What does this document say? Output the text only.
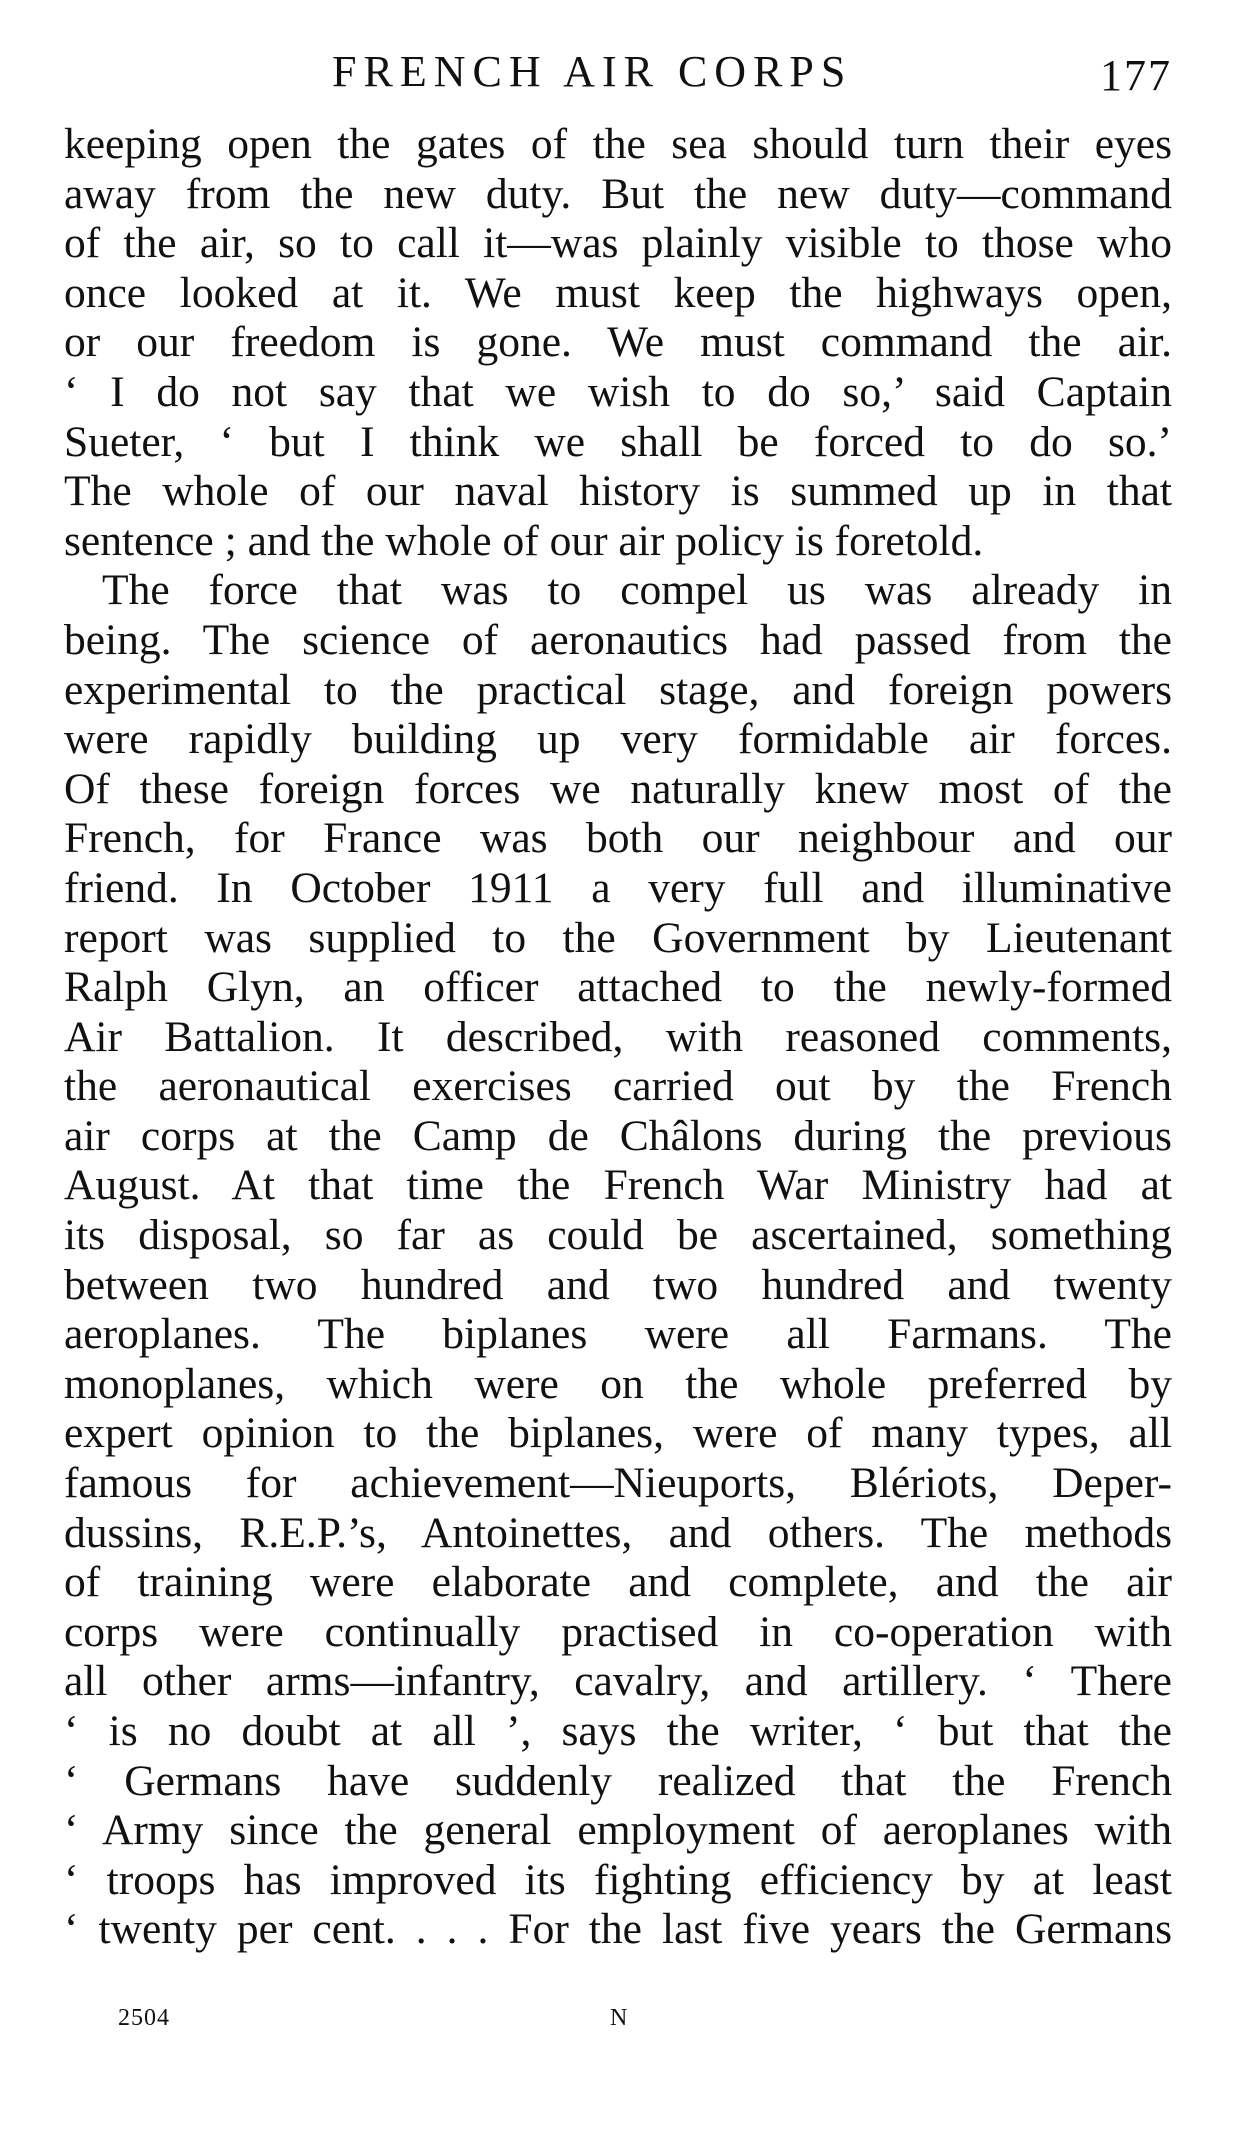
FRENCH AIR CORPS	177
keeping open the gates of the sea should turn their eyes
away from the new duty. But the new duty—command
of the air, so to call it—was plainly visible to those who
once looked at it. We must keep the highways open,
or our freedom is gone. We must command the air.
‘ I do not say that we wish to do so,’ said Captain
Sueter, ‘ but I think we shall be forced to do so.’
The whole of our naval history is summed up in that
sentence ; and the whole of our air policy is foretold.
The force that was to compel us was already in
being. The science of aeronautics had passed from the
experimental to the practical stage, and foreign powers
were rapidly building up very formidable air forces.
Of these foreign forces we naturally knew most of the
French, for France was both our neighbour and our
friend. In October 1911 a very full and illuminative
report was supplied to the Government by Lieutenant
Ralph Glyn, an officer attached to the newly-formed
Air Battalion. It described, with reasoned comments,
the aeronautical exercises carried out by the French
air corps at the Camp de Châlons during the previous
August. At that time the French War Ministry had at
its disposal, so far as could be ascertained, something
between two hundred and two hundred and twenty
aeroplanes. The biplanes were all Farmans. The
monoplanes, which were on the whole preferred by
expert opinion to the biplanes, were of many types, all
famous for achievement—Nieuports, Blériots, Deper-
dussins, R.E.P.’s, Antoinettes, and others. The methods
of training were elaborate and complete, and the air
corps were continually practised in co-operation with
all other arms—infantry, cavalry, and artillery. ‘ There
‘ is no doubt at all ’, says the writer, ‘ but that the
‘ Germans have suddenly realized that the French
‘ Army since the general employment of aeroplanes with
‘ troops has improved its fighting efficiency by at least
‘ twenty per cent. . . . For the last five years the Germans
2504	N
